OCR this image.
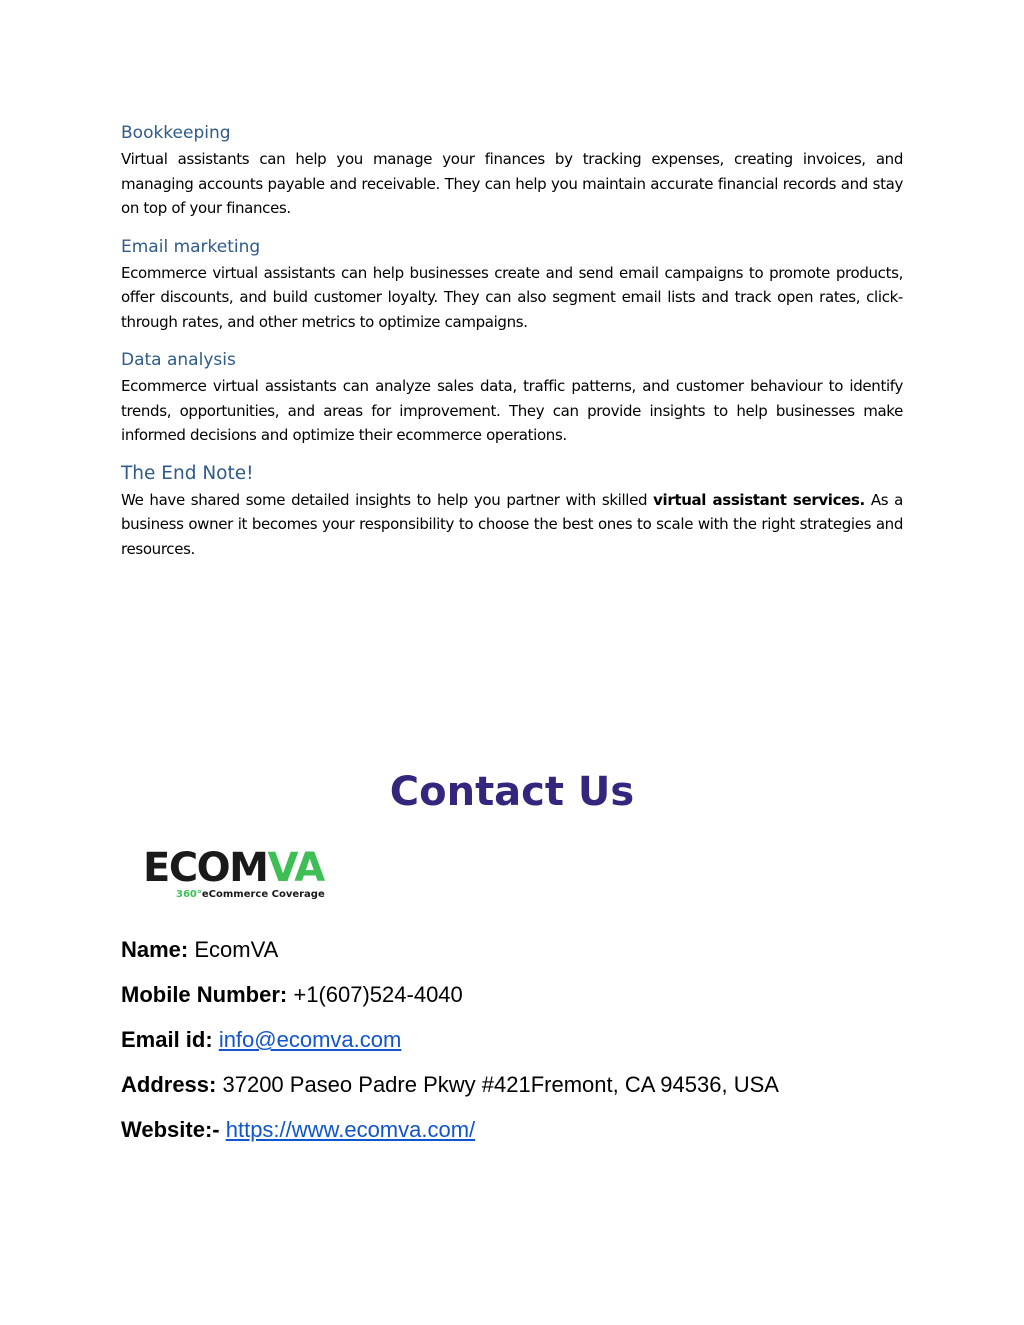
Bookkeeping

Virtual assistants can help you manage your finances by tracking expenses, creating invoices, and managing accounts payable and receivable. They can help you maintain accurate financial records and stay on top of your finances.

Email marketing

Ecommerce virtual assistants can help businesses create and send email campaigns to promote products, offer discounts, and build customer loyalty. They can also segment email lists and track open rates, click-through rates, and other metrics to optimize campaigns.

Data analysis

Ecommerce virtual assistants can analyze sales data, traffic patterns, and customer behaviour to identify trends, opportunities, and areas for improvement. They can provide insights to help businesses make informed decisions and optimize their ecommerce operations.

The End Note!

We have shared some detailed insights to help you partner with skilled virtual assistant services. As a business owner it becomes your responsibility to choose the best ones to scale with the right strategies and resources.

Contact Us
ECOMVA
360°eCommerce Coverage
Name: EcomVA
Mobile Number: +1(607)524-4040
Email id: info@ecomva.com
Address: 37200 Paseo Padre Pkwy #421Fremont, CA 94536, USA
Website:- https://www.ecomva.com/
